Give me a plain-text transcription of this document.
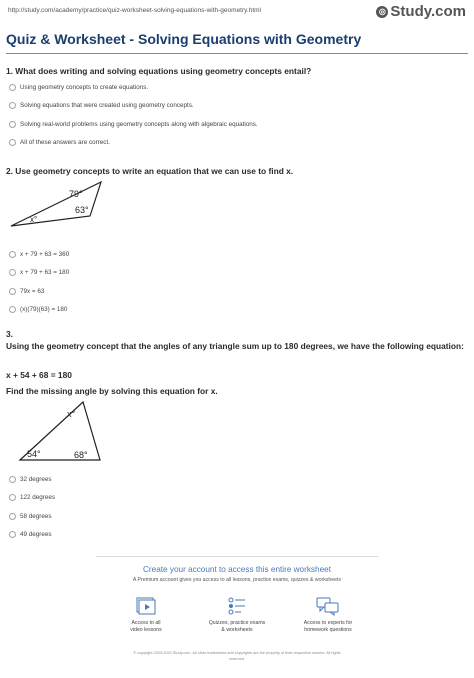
http://study.com/academy/practice/quiz-worksheet-solving-equations-with-geometry.html	◎ Study.com
Quiz & Worksheet - Solving Equations with Geometry
1. What does writing and solving equations using geometry concepts entail?
Using geometry concepts to create equations.
Solving equations that were created using geometry concepts.
Solving real-world problems using geometry concepts along with algebraic equations.
All of these answers are correct.
2. Use geometry concepts to write an equation that we can use to find x.
79°
63°
x°
x + 79 + 63 = 360
x + 79 + 63 = 180
79x = 63
(x)(79)(63) = 180
3.
Using the geometry concept that the angles of any triangle sum up to 180 degrees, we have the following equation:
x + 54 + 68 = 180
Find the missing angle by solving this equation for x.
x°
54°	68°
32 degrees
122 degrees
58 degrees
49 degrees
Create your account to access this entire worksheet
A Premium account gives you access to all lessons, practice exams, quizzes & worksheets
Access to all
video lessons
Quizzes, practice exams
& worksheets
Access to experts for
homework questions
© copyright 2003-2020 Study.com. All other trademarks and copyrights are the property of their respective owners. All rights
reserved.
